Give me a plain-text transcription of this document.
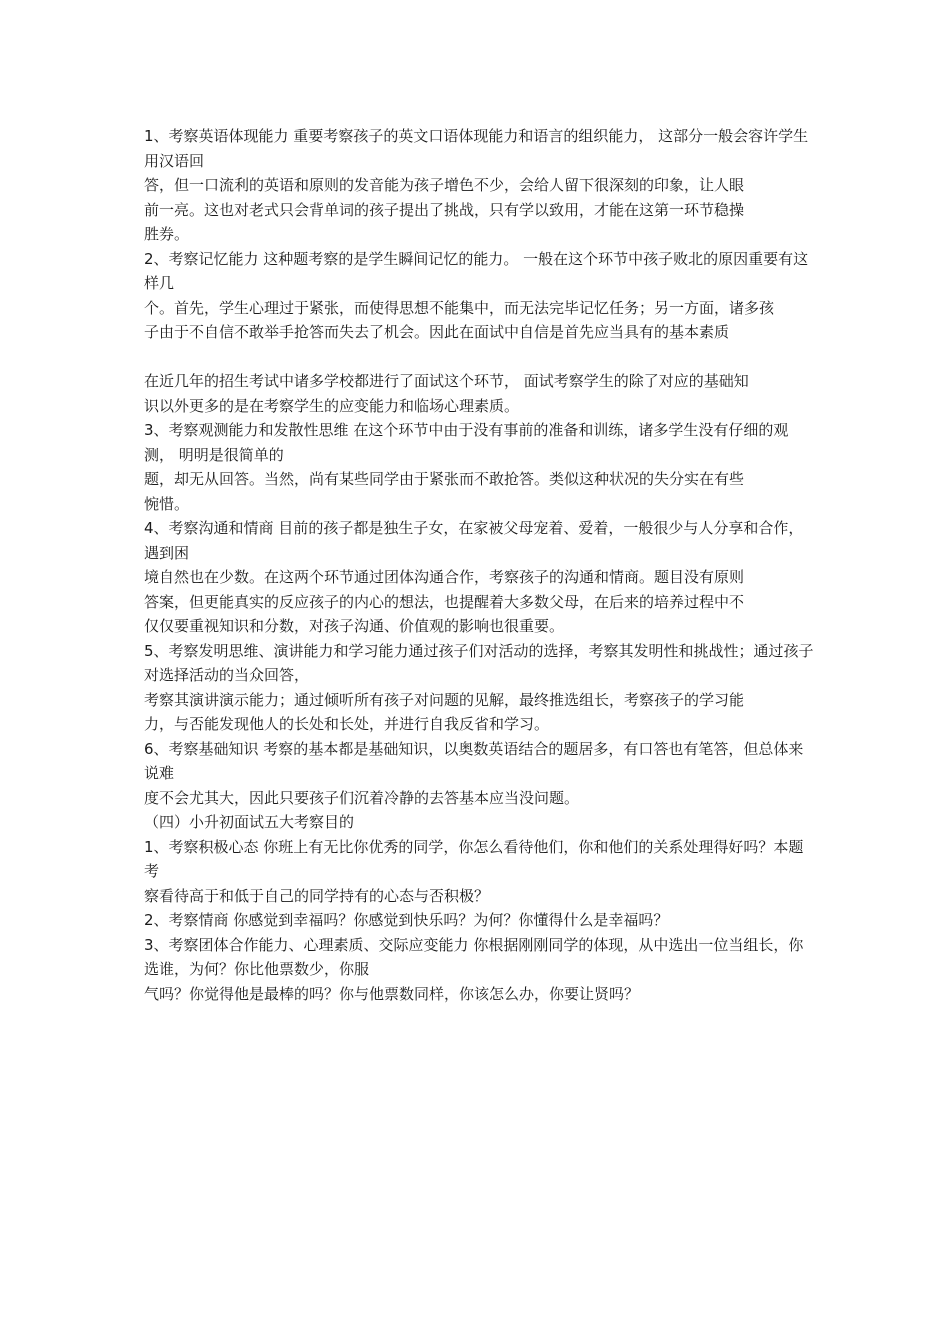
1、考察英语体现能力 重要考察孩子的英文口语体现能力和语言的组织能力， 这部分一般会容许学生用汉语回
答，但一口流利的英语和原则的发音能为孩子增色不少，会给人留下很深刻的印象，让人眼
前一亮。这也对老式只会背单词的孩子提出了挑战，只有学以致用，才能在这第一环节稳操
胜券。
2、考察记忆能力 这种题考察的是学生瞬间记忆的能力。 一般在这个环节中孩子败北的原因重要有这样几
个。首先，学生心理过于紧张，而使得思想不能集中，而无法完毕记忆任务；另一方面，诸多孩
子由于不自信不敢举手抢答而失去了机会。因此在面试中自信是首先应当具有的基本素质
在近几年的招生考试中诸多学校都进行了面试这个环节， 面试考察学生的除了对应的基础知
识以外更多的是在考察学生的应变能力和临场心理素质。
3、考察观测能力和发散性思维 在这个环节中由于没有事前的准备和训练，诸多学生没有仔细的观测， 明明是很简单的
题，却无从回答。当然，尚有某些同学由于紧张而不敢抢答。类似这种状况的失分实在有些
惋惜。
4、考察沟通和情商 目前的孩子都是独生子女，在家被父母宠着、爱着，一般很少与人分享和合作，遇到困
境自然也在少数。在这两个环节通过团体沟通合作，考察孩子的沟通和情商。题目没有原则
答案，但更能真实的反应孩子的内心的想法，也提醒着大多数父母，在后来的培养过程中不
仅仅要重视知识和分数，对孩子沟通、价值观的影响也很重要。
5、考察发明思维、演讲能力和学习能力通过孩子们对活动的选择，考察其发明性和挑战性；通过孩子对选择活动的当众回答，
考察其演讲演示能力；通过倾听所有孩子对问题的见解，最终推选组长，考察孩子的学习能
力，与否能发现他人的长处和长处，并进行自我反省和学习。
6、考察基础知识 考察的基本都是基础知识，以奥数英语结合的题居多，有口答也有笔答，但总体来说难
度不会尤其大，因此只要孩子们沉着冷静的去答基本应当没问题。
（四）小升初面试五大考察目的
1、考察积极心态 你班上有无比你优秀的同学，你怎么看待他们，你和他们的关系处理得好吗？本题考
察看待高于和低于自己的同学持有的心态与否积极？
2、考察情商 你感觉到幸福吗？你感觉到快乐吗？为何？你懂得什么是幸福吗？
3、考察团体合作能力、心理素质、交际应变能力 你根据刚刚同学的体现，从中选出一位当组长，你选谁，为何？你比他票数少，你服
气吗？你觉得他是最棒的吗？你与他票数同样，你该怎么办，你要让贤吗？
